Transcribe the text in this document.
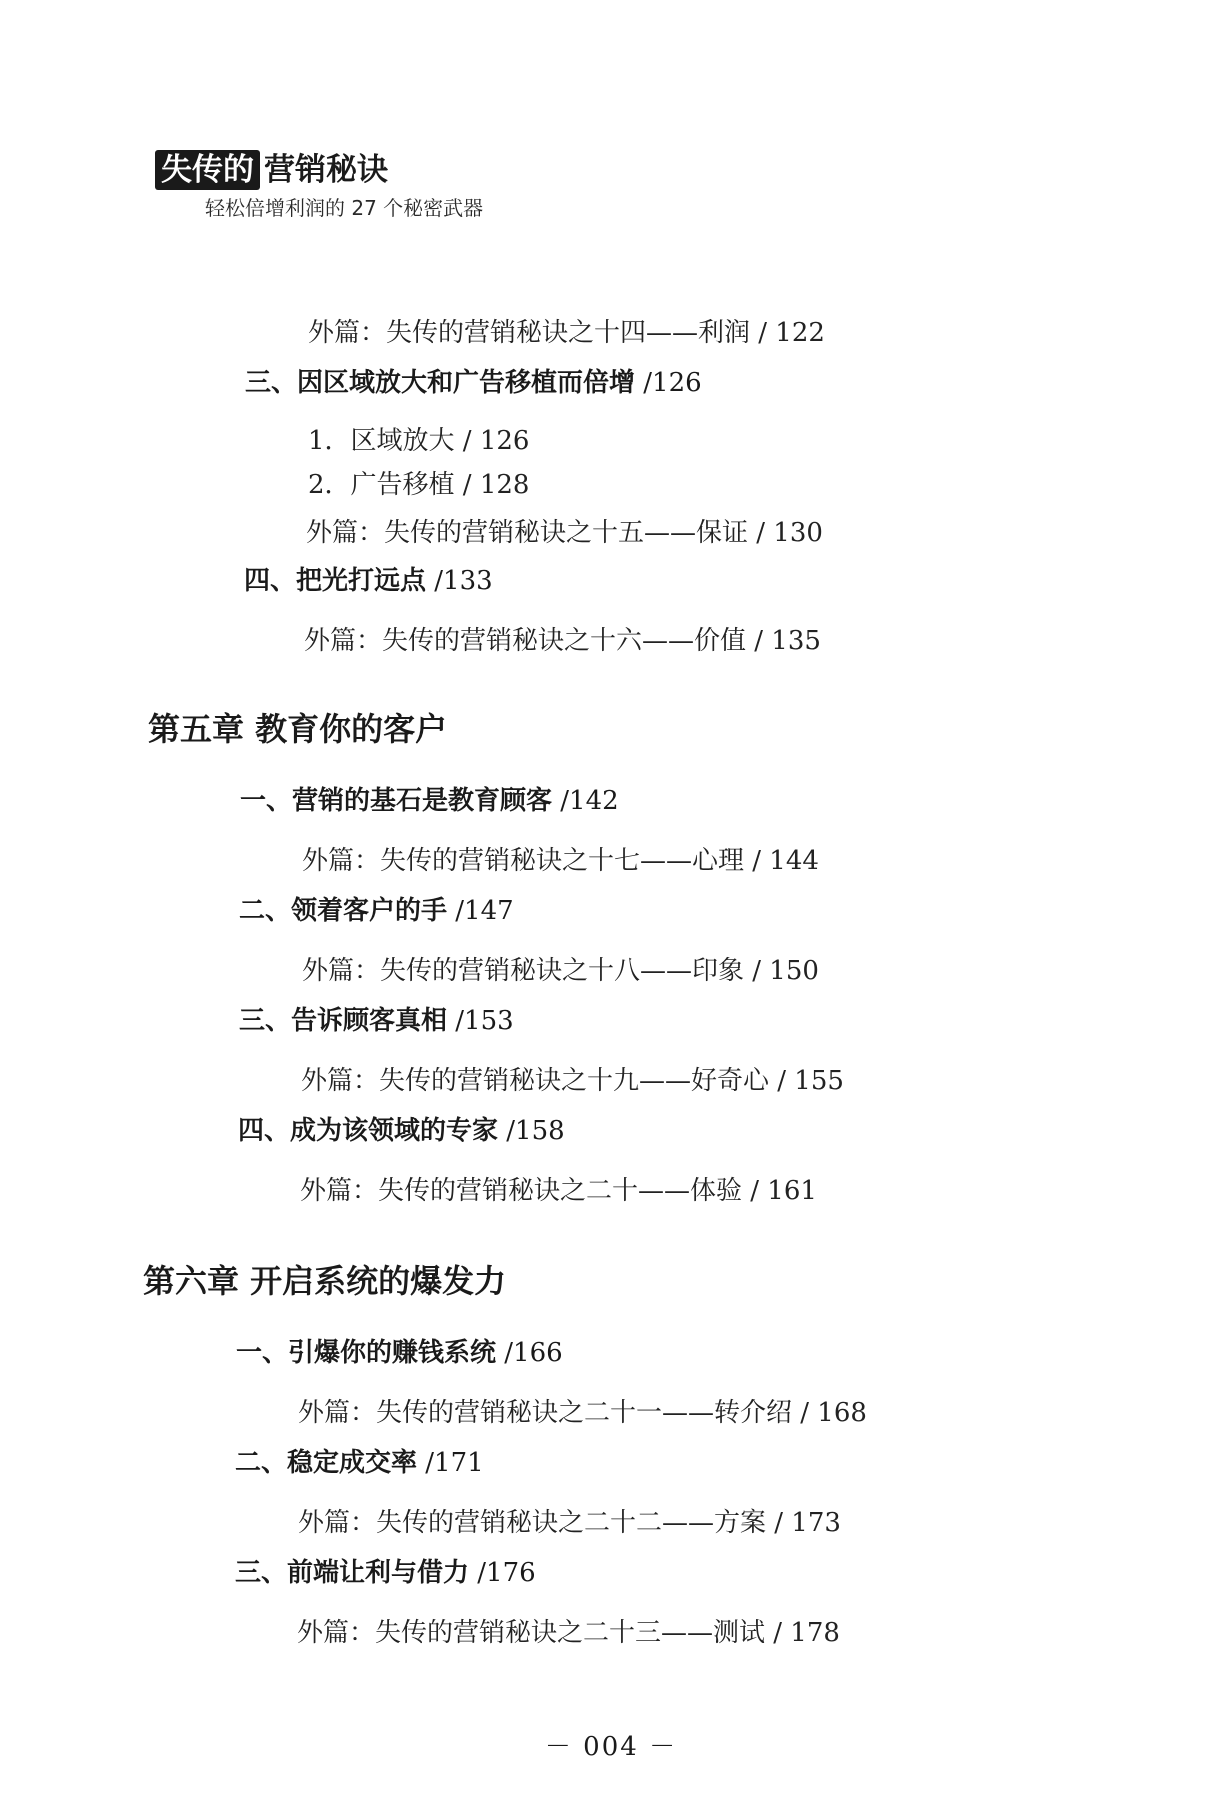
失传的 营销秘诀
轻松倍增利润的 27 个秘密武器
外篇：失传的营销秘诀之十四——利润 / 122
三、因区域放大和广告移植而倍增 /126
1．区域放大 / 126
2．广告移植 / 128
外篇：失传的营销秘诀之十五——保证 / 130
四、把光打远点 /133
外篇：失传的营销秘诀之十六——价值 / 135
第五章 教育你的客户
一、营销的基石是教育顾客 /142
外篇：失传的营销秘诀之十七——心理 / 144
二、领着客户的手 /147
外篇：失传的营销秘诀之十八——印象 / 150
三、告诉顾客真相 /153
外篇：失传的营销秘诀之十九——好奇心 / 155
四、成为该领域的专家 /158
外篇：失传的营销秘诀之二十——体验 / 161
第六章 开启系统的爆发力
一、引爆你的赚钱系统 /166
外篇：失传的营销秘诀之二十一——转介绍 / 168
二、稳定成交率 /171
外篇：失传的营销秘诀之二十二——方案 / 173
三、前端让利与借力 /176
外篇：失传的营销秘诀之二十三——测试 / 178
－ 004 －
